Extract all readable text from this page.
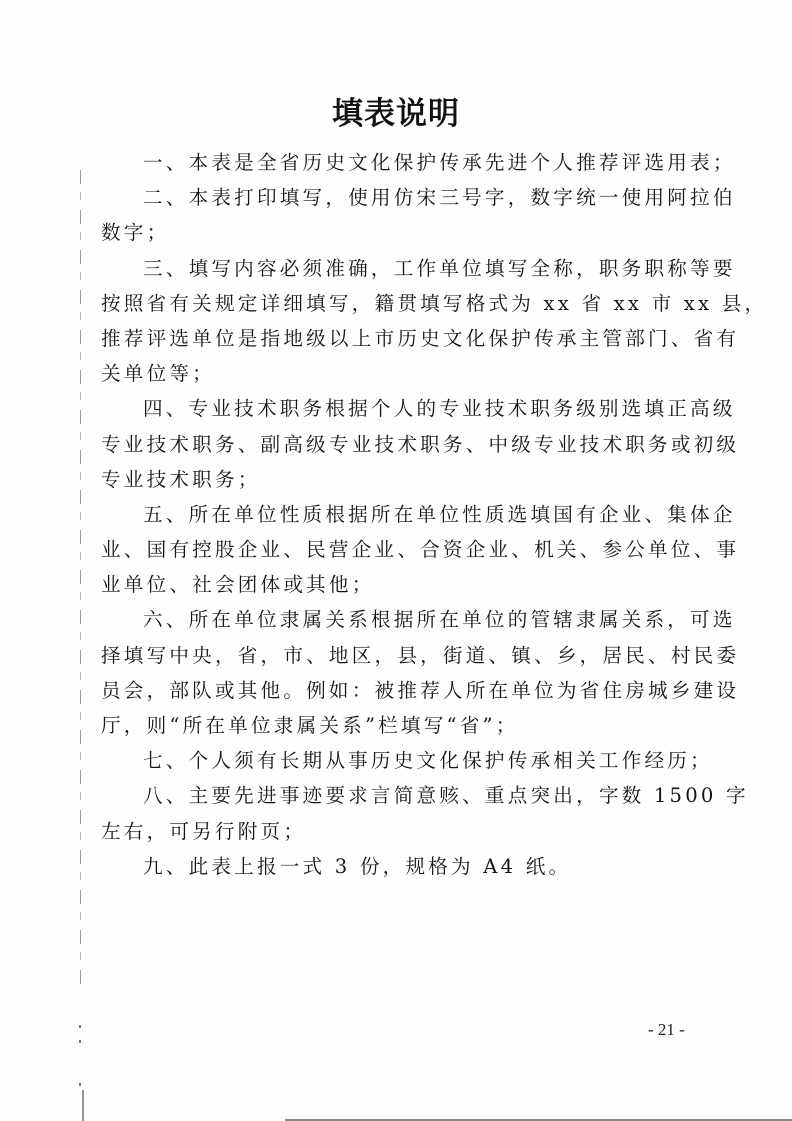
填表说明
一、本表是全省历史文化保护传承先进个人推荐评选用表；
二、本表打印填写，使用仿宋三号字，数字统一使用阿拉伯
数字；
三、填写内容必须准确，工作单位填写全称，职务职称等要
按照省有关规定详细填写，籍贯填写格式为 xx 省 xx 市 xx 县，
推荐评选单位是指地级以上市历史文化保护传承主管部门、省有
关单位等；
四、专业技术职务根据个人的专业技术职务级别选填正高级
专业技术职务、副高级专业技术职务、中级专业技术职务或初级
专业技术职务；
五、所在单位性质根据所在单位性质选填国有企业、集体企
业、国有控股企业、民营企业、合资企业、机关、参公单位、事
业单位、社会团体或其他；
六、所在单位隶属关系根据所在单位的管辖隶属关系，可选
择填写中央，省，市、地区，县，街道、镇、乡，居民、村民委
员会，部队或其他。例如：被推荐人所在单位为省住房城乡建设
厅，则“所在单位隶属关系”栏填写“省”；
七、个人须有长期从事历史文化保护传承相关工作经历；
八、主要先进事迹要求言简意赅、重点突出，字数 1500 字
左右，可另行附页；
九、此表上报一式 3 份，规格为 A4 纸。
- 21 -
